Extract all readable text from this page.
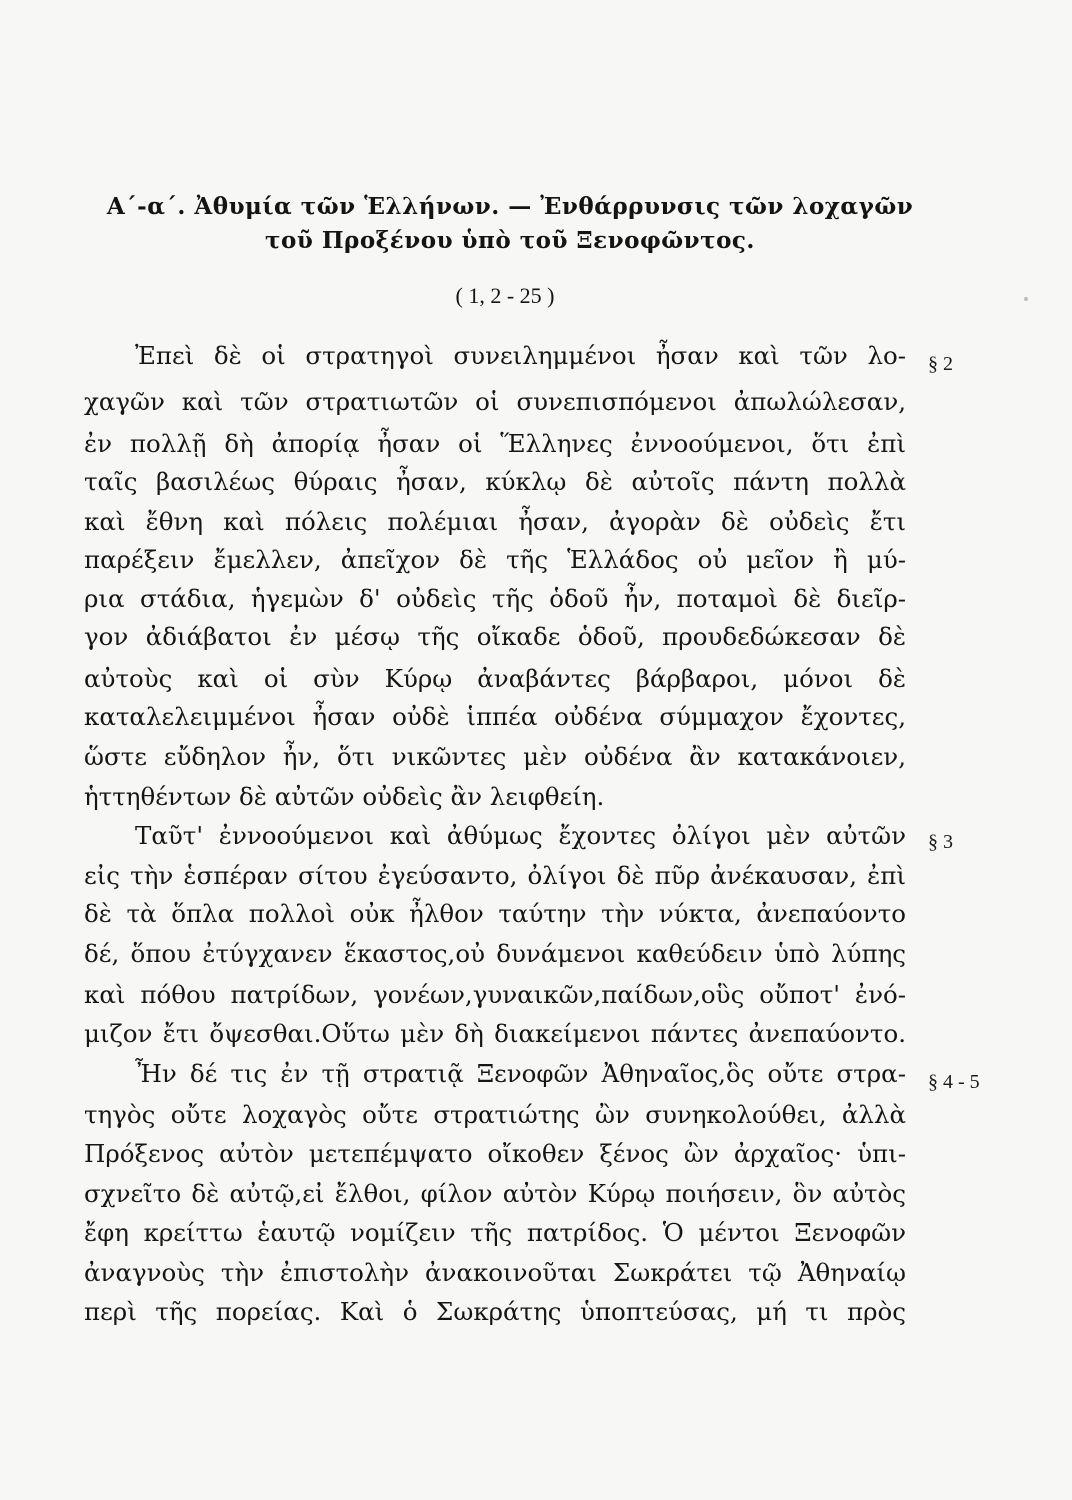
Α΄-α΄. Ἀθυμία τῶν Ἑλλήνων. — Ἐνθάρρυνσις τῶν λοχαγῶν
τοῦ Προξένου ὑπὸ τοῦ Ξενοφῶντος.
( 1, 2 - 25 )
Ἐπεὶ δὲ οἱ στρατηγοὶ συνειλημμένοι ἦσαν καὶ τῶν λο-
χαγῶν καὶ τῶν στρατιωτῶν οἱ συνεπισπόμενοι ἀπωλώλεσαν,
ἐν πολλῇ δὴ ἀπορίᾳ ἦσαν οἱ Ἕλληνες ἐννοούμενοι, ὅτι ἐπὶ
ταῖς βασιλέως θύραις ἦσαν, κύκλῳ δὲ αὐτοῖς πάντη πολλὰ
καὶ ἔθνη καὶ πόλεις πολέμιαι ἦσαν, ἀγορὰν δὲ οὐδεὶς ἔτι
παρέξειν ἔμελλεν, ἀπεῖχον δὲ τῆς Ἑλλάδος οὐ μεῖον ἢ μύ-
ρια στάδια, ἡγεμὼν δ' οὐδεὶς τῆς ὁδοῦ ἦν, ποταμοὶ δὲ διεῖρ-
γον ἀδιάβατοι ἐν μέσῳ τῆς οἴκαδε ὁδοῦ, προυδεδώκεσαν δὲ
αὐτοὺς καὶ οἱ σὺν Κύρῳ ἀναβάντες βάρβαροι, μόνοι δὲ
καταλελειμμένοι ἦσαν οὐδὲ ἱππέα οὐδένα σύμμαχον ἔχοντες,
ὥστε εὔδηλον ἦν, ὅτι νικῶντες μὲν οὐδένα ἂν κατακάνοιεν,
ἡττηθέντων δὲ αὐτῶν οὐδεὶς ἂν λειφθείη.
Ταῦτ' ἐννοούμενοι καὶ ἀθύμως ἔχοντες ὀλίγοι μὲν αὐτῶν
εἰς τὴν ἑσπέραν σίτου ἐγεύσαντο, ὀλίγοι δὲ πῦρ ἀνέκαυσαν, ἐπὶ
δὲ τὰ ὅπλα πολλοὶ οὐκ ἦλθον ταύτην τὴν νύκτα, ἀνεπαύοντο
δέ, ὅπου ἐτύγχανεν ἕκαστος,οὐ δυνάμενοι καθεύδειν ὑπὸ λύπης
καὶ πόθου πατρίδων, γονέων,γυναικῶν,παίδων,οὓς οὔποτ' ἐνό-
μιζον ἔτι ὄψεσθαι.Οὕτω μὲν δὴ διακείμενοι πάντες ἀνεπαύοντο.
Ἦν δέ τις ἐν τῇ στρατιᾷ Ξενοφῶν Ἀθηναῖος,ὃς οὔτε στρα-
τηγὸς οὔτε λοχαγὸς οὔτε στρατιώτης ὢν συνηκολούθει, ἀλλὰ
Πρόξενος αὐτὸν μετεπέμψατο οἴκοθεν ξένος ὢν ἀρχαῖος· ὑπι-
σχνεῖτο δὲ αὐτῷ,εἰ ἔλθοι, φίλον αὐτὸν Κύρῳ ποιήσειν, ὃν αὐτὸς
ἔφη κρείττω ἑαυτῷ νομίζειν τῆς πατρίδος. Ὁ μέντοι Ξενοφῶν
ἀναγνοὺς τὴν ἐπιστολὴν ἀνακοινοῦται Σωκράτει τῷ Ἀθηναίῳ
περὶ τῆς πορείας. Καὶ ὁ Σωκράτης ὑποπτεύσας, μή τι πρὸς
§ 2
§ 3
§ 4 - 5
